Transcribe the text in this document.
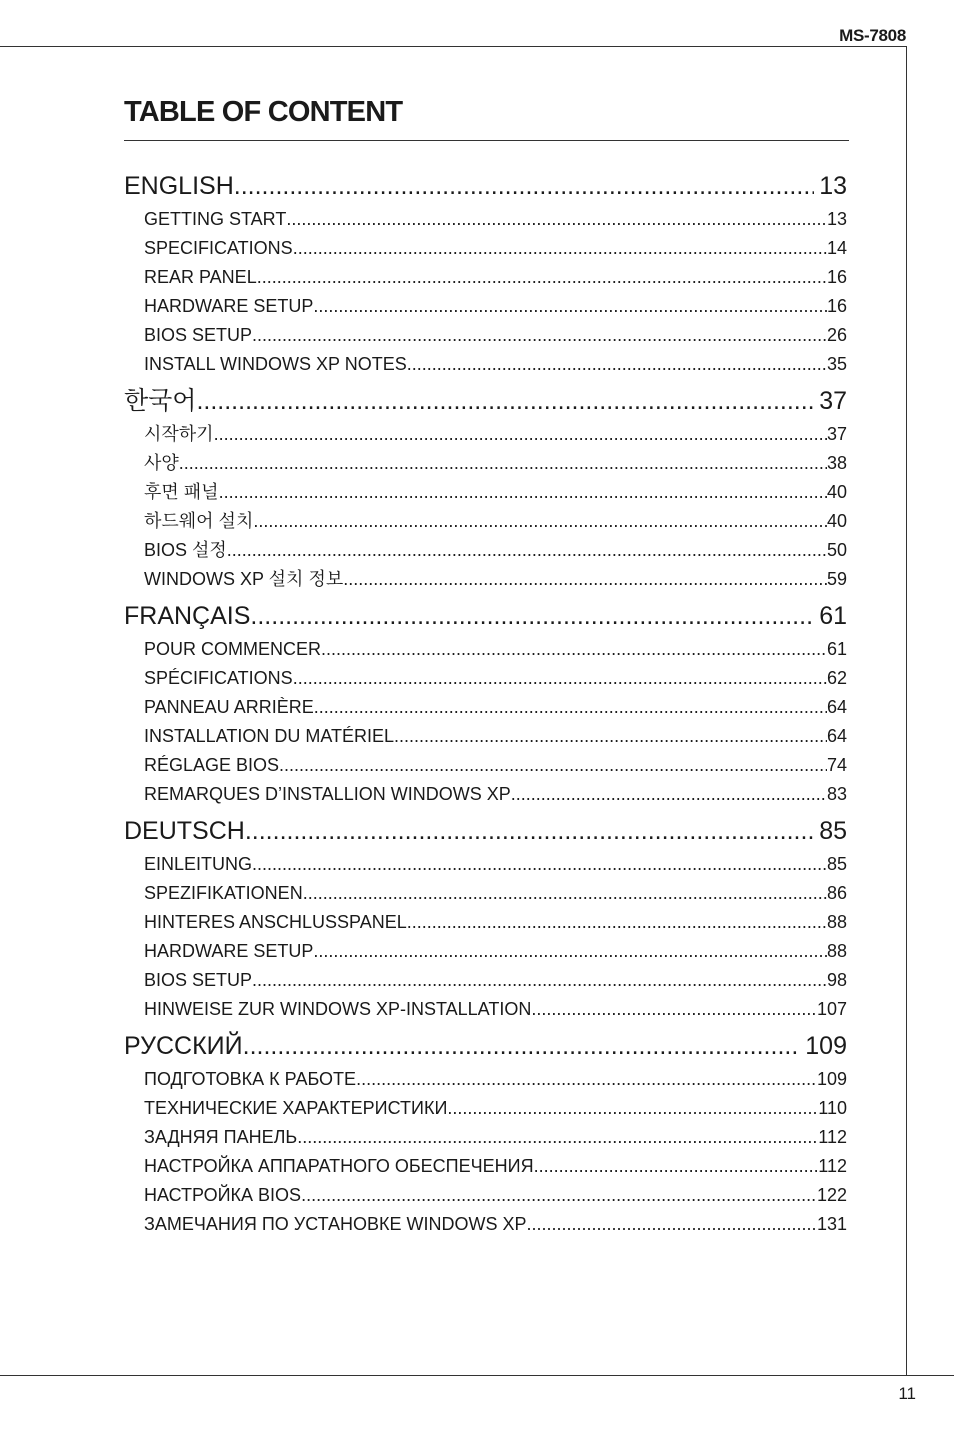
MS-7808
TABLE OF CONTENT
ENGLISH .....	13
GETTING START .....	13
SPECIFICATIONS .....	14
REAR PANEL .....	16
HARDWARE SETUP .....	16
BIOS SETUP .....	26
INSTALL WINDOWS XP NOTES .....	35
한국어 .....	37
시작하기 .....	37
사양 .....	38
후면 패널 .....	40
하드웨어 설치 .....	40
BIOS 설정 .....	50
WINDOWS XP 설치 정보 .....	59
FRANÇAIS .....	61
POUR COMMENCER .....	61
SPÉCIFICATIONS .....	62
PANNEAU ARRIÈRE .....	64
INSTALLATION DU MATÉRIEL .....	64
RÉGLAGE BIOS .....	74
REMARQUES D’INSTALLION WINDOWS XP .....	83
DEUTSCH .....	85
EINLEITUNG .....	85
SPEZIFIKATIONEN .....	86
HINTERES ANSCHLUSSPANEL .....	88
HARDWARE SETUP .....	88
BIOS SETUP .....	98
HINWEISE ZUR WINDOWS XP-INSTALLATION .....	107
РУССКИЙ .....	109
ПОДГОТОВКА К РАБОТЕ .....	109
ТЕХНИЧЕСКИЕ ХАРАКТЕРИСТИКИ .....	110
ЗАДНЯЯ ПАНЕЛЬ .....	112
НАСТРОЙКА АППАРАТНОГО ОБЕСПЕЧЕНИЯ .....	112
НАСТРОЙКА BIOS .....	122
ЗАМЕЧАНИЯ ПО УСТАНОВКЕ WINDOWS XP .....	131
11
